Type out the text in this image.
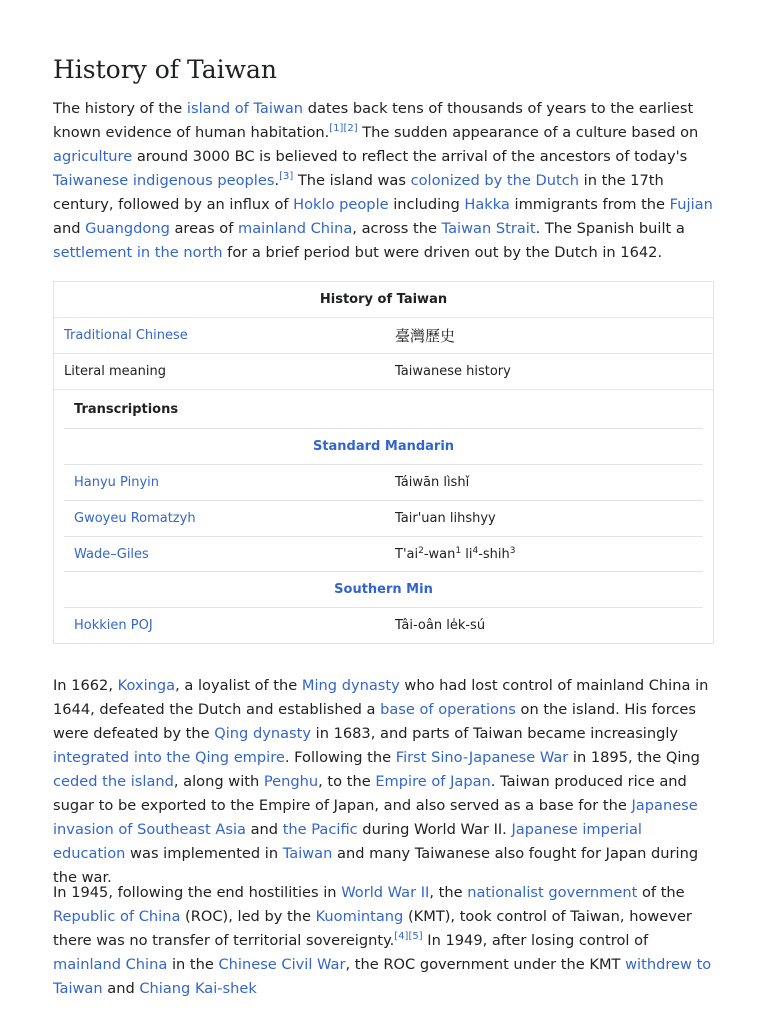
History of Taiwan

The history of the island of Taiwan dates back tens of thousands of years to the earliest known evidence of human habitation.[1][2] The sudden appearance of a culture based on agriculture around 3000 BC is believed to reflect the arrival of the ancestors of today's Taiwanese indigenous peoples.[3] The island was colonized by the Dutch in the 17th century, followed by an influx of Hoklo people including Hakka immigrants from the Fujian and Guangdong areas of mainland China, across the Taiwan Strait. The Spanish built a settlement in the north for a brief period but were driven out by the Dutch in 1642.

History of Taiwan
Traditional Chinese	臺灣歷史
Literal meaning	Taiwanese history
Transcriptions
Standard Mandarin
Hanyu Pinyin	Táiwān lìshǐ
Gwoyeu Romatzyh	Tair'uan lihshyy
Wade–Giles	$T'ai^2-wan^1$ $li^4-shih^3$
Southern Min
Hokkien POJ	Tâi-oân le̍k-sú

In 1662, Koxinga, a loyalist of the Ming dynasty who had lost control of mainland China in 1644, defeated the Dutch and established a base of operations on the island. His forces were defeated by the Qing dynasty in 1683, and parts of Taiwan became increasingly integrated into the Qing empire. Following the First Sino-Japanese War in 1895, the Qing ceded the island, along with Penghu, to the Empire of Japan. Taiwan produced rice and sugar to be exported to the Empire of Japan, and also served as a base for the Japanese invasion of Southeast Asia and the Pacific during World War II. Japanese imperial education was implemented in Taiwan and many Taiwanese also fought for Japan during the war.

In 1945, following the end hostilities in World War II, the nationalist government of the Republic of China (ROC), led by the Kuomintang (KMT), took control of Taiwan, however there was no transfer of territorial sovereignty.[4][5] In 1949, after losing control of mainland China in the Chinese Civil War, the ROC government under the KMT withdrew to Taiwan and Chiang Kai-shek
